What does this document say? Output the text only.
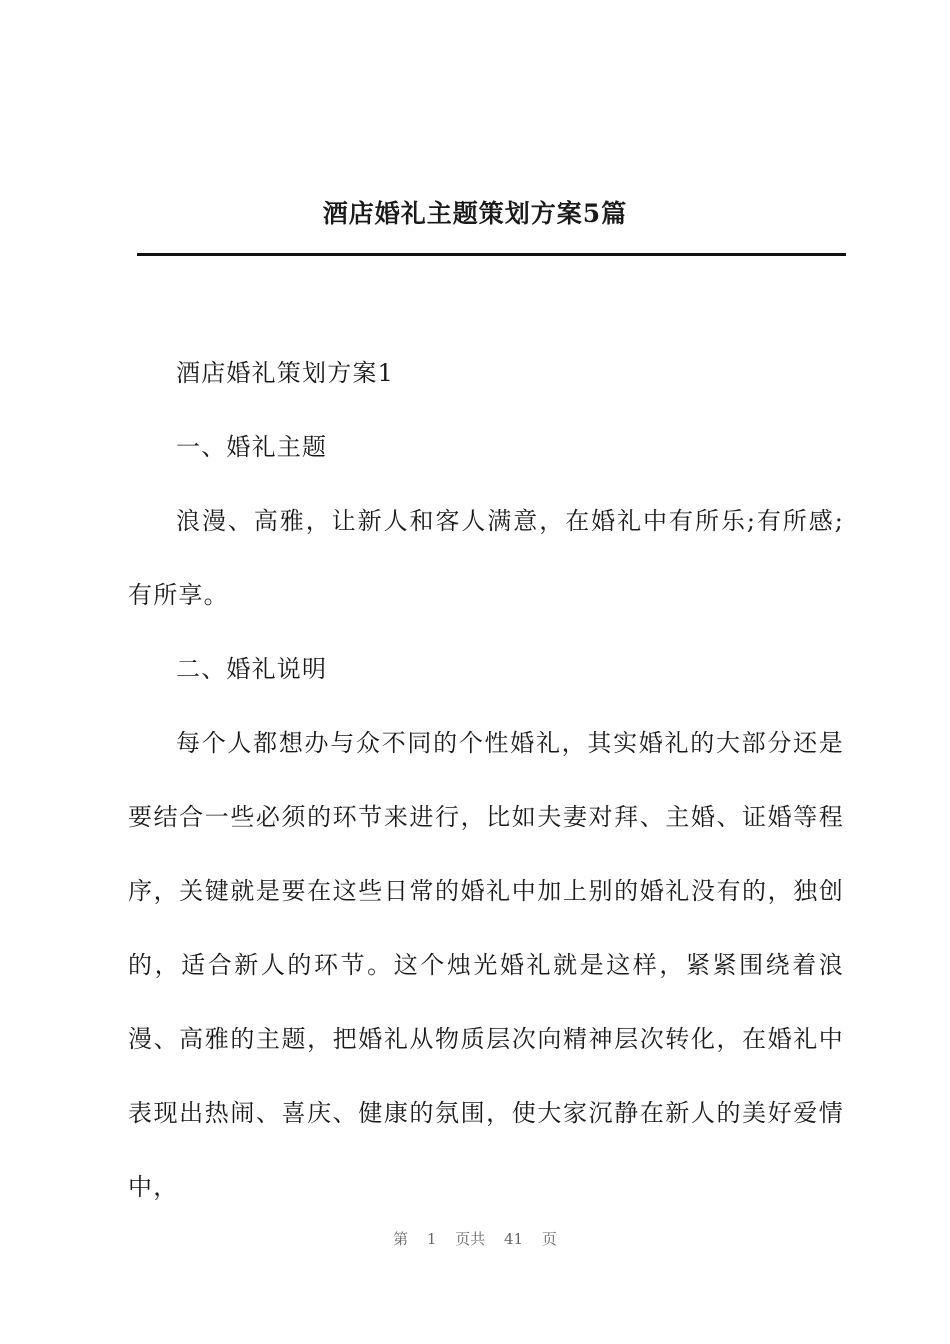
酒店婚礼主题策划方案5篇

酒店婚礼策划方案1

一、婚礼主题

浪漫、高雅，让新人和客人满意，在婚礼中有所乐;有所感;有所享。

二、婚礼说明

每个人都想办与众不同的个性婚礼，其实婚礼的大部分还是要结合一些必须的环节来进行，比如夫妻对拜、主婚、证婚等程序，关键就是要在这些日常的婚礼中加上别的婚礼没有的，独创的，适合新人的环节。这个烛光婚礼就是这样，紧紧围绕着浪漫、高雅的主题，把婚礼从物质层次向精神层次转化，在婚礼中表现出热闹、喜庆、健康的氛围，使大家沉静在新人的美好爱情中，

第 1 页共 41 页
